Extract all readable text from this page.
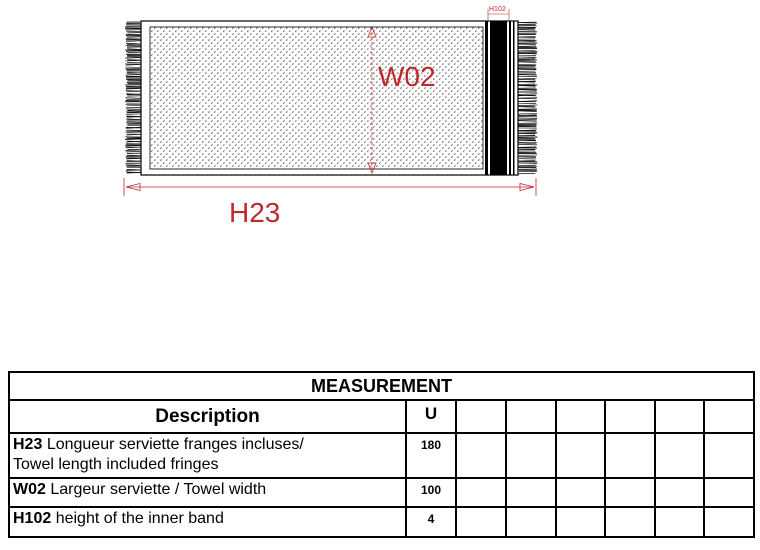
W02
H23
H102
MEASUREMENT							
Description	U						
H23 Longueur serviette franges incluses/
Towel length included fringes	180						
W02 Largeur serviette / Towel width	100						
H102 height of the inner band	4						
